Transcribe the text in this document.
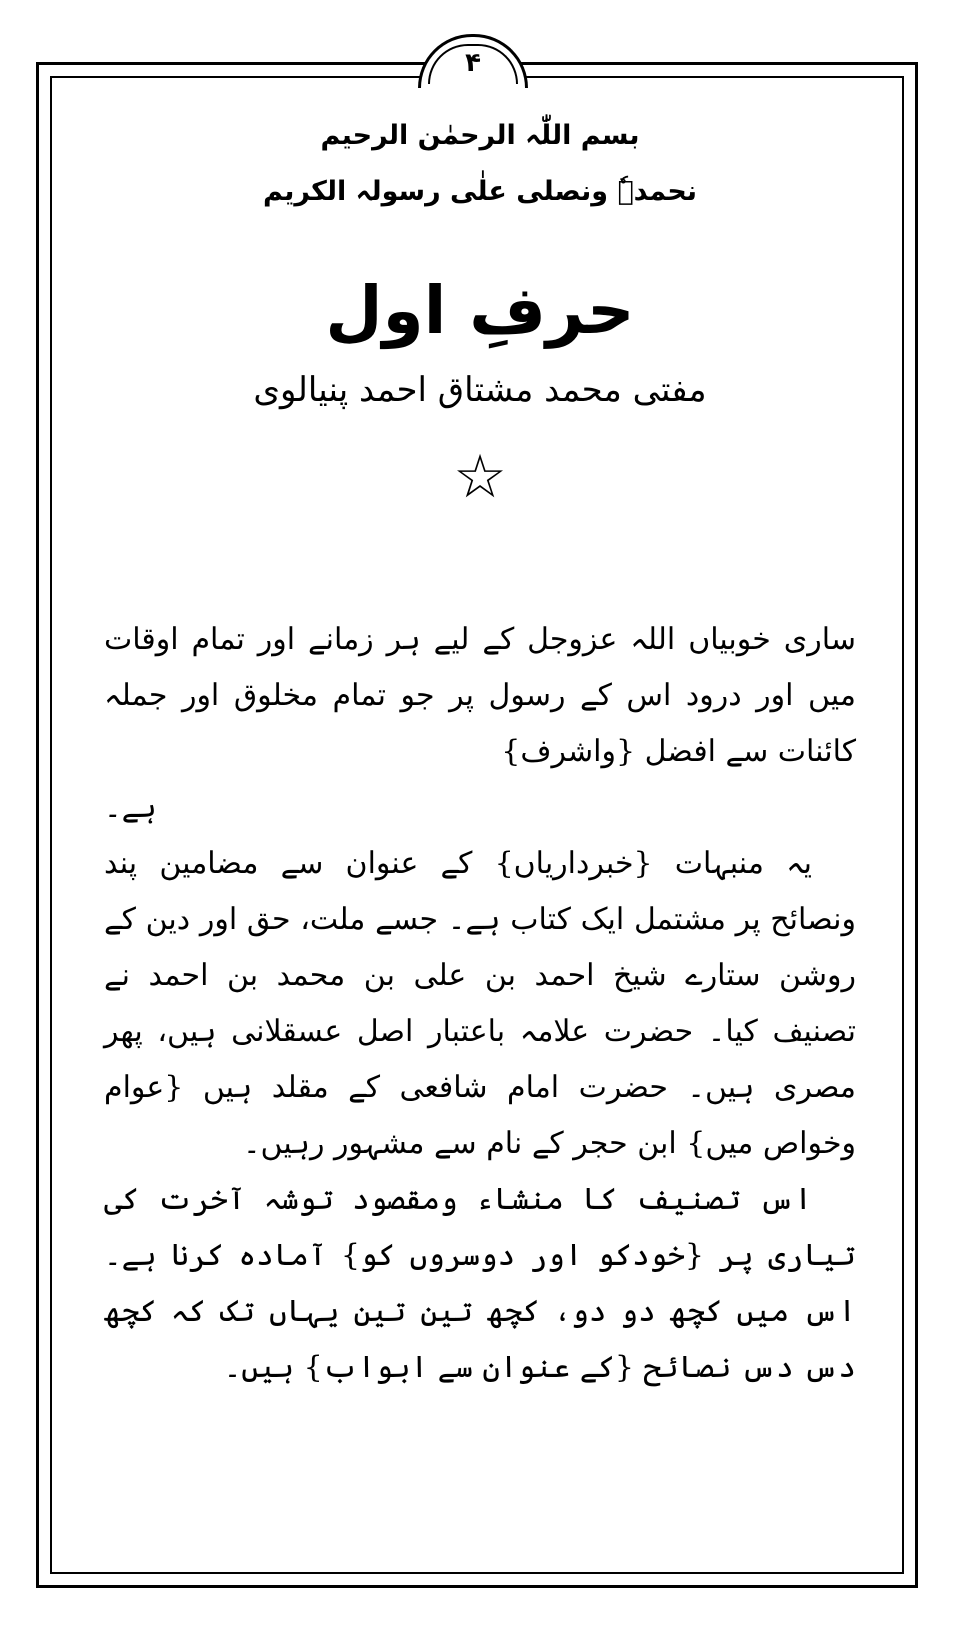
۴
بسم اللّٰہ الرحمٰن الرحیم
نحمدہٗ ونصلی علٰی رسولہ الکریم
حرفِ اول
مفتی محمد مشتاق احمد پنیالوی
☆

ساری خوبیاں اللہ عزوجل کے لیے ہر زمانے اور تمام اوقات میں اور درود اس کے رسول پر جو تمام مخلوق اور جملہ کائنات سے افضل {واشرف}

ہے۔

یہ منبہات {خبرداریاں} کے عنوان سے مضامین پند ونصائح پر مشتمل ایک کتاب ہے۔ جسے ملت، حق اور دین کے روشن ستارے شیخ احمد بن علی بن محمد بن احمد نے تصنیف کیا۔ حضرت علامہ باعتبار اصل عسقلانی ہیں، پھر مصری ہیں۔ حضرت امام شافعی کے مقلد ہیں {عوام وخواص میں} ابن حجر کے نام سے مشہور رہیں۔

اس تصنیف کا منشاء ومقصود توشہ آخرت کی تیاری پر {خودکو اور دوسروں کو} آمادہ کرنا ہے۔ اس میں کچھ دو دو، کچھ تین تین یہاں تک کہ کچھ دس دس نصائح {کے عنوان سے ابواب} ہیں۔
